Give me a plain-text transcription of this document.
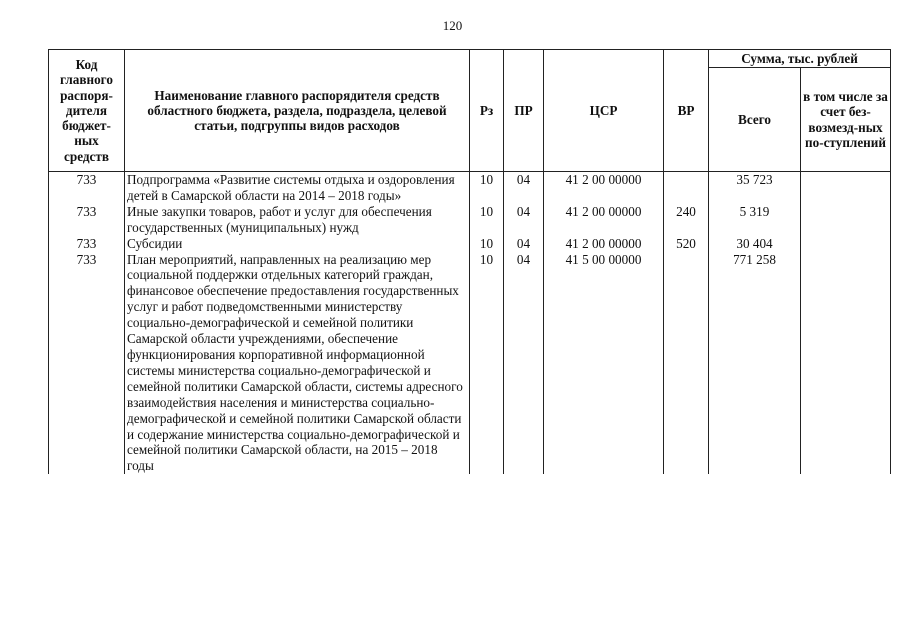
120
Код главного распоря-дителя бюджет-ных средств	Наименование главного распорядителя средств областного бюджета, раздела, подраздела, целевой статьи, подгруппы видов расходов	Рз	ПР	ЦСР	ВР	Сумма, тыс. рублей	
						Всего	в том числе за счет без-возмезд-ных по-ступлений
733	Подпрограмма «Развитие системы отдыха и оздоровления детей в Самарской области на 2014 – 2018 годы»	10	04	41 2 00 00000		35 723	
733	Иные закупки товаров, работ и услуг для обеспечения государственных (муниципальных) нужд	10	04	41 2 00 00000	240	5 319	
733	Субсидии	10	04	41 2 00 00000	520	30 404	
733	План мероприятий, направленных на реализацию мер социальной поддержки отдельных категорий граждан, финансовое обеспечение предоставления государственных услуг и работ подведомственными министерству социально-демографической и семейной политики Самарской области учреждениями, обеспечение функционирования корпоративной информационной системы министерства социально-демографической и семейной политики Самарской области, системы адресного взаимодействия населения и министерства социально-демографической и семейной политики Самарской области и содержание министерства социально-демографической и семейной политики Самарской области, на 2015 – 2018 годы	10	04	41 5 00 00000		771 258	
